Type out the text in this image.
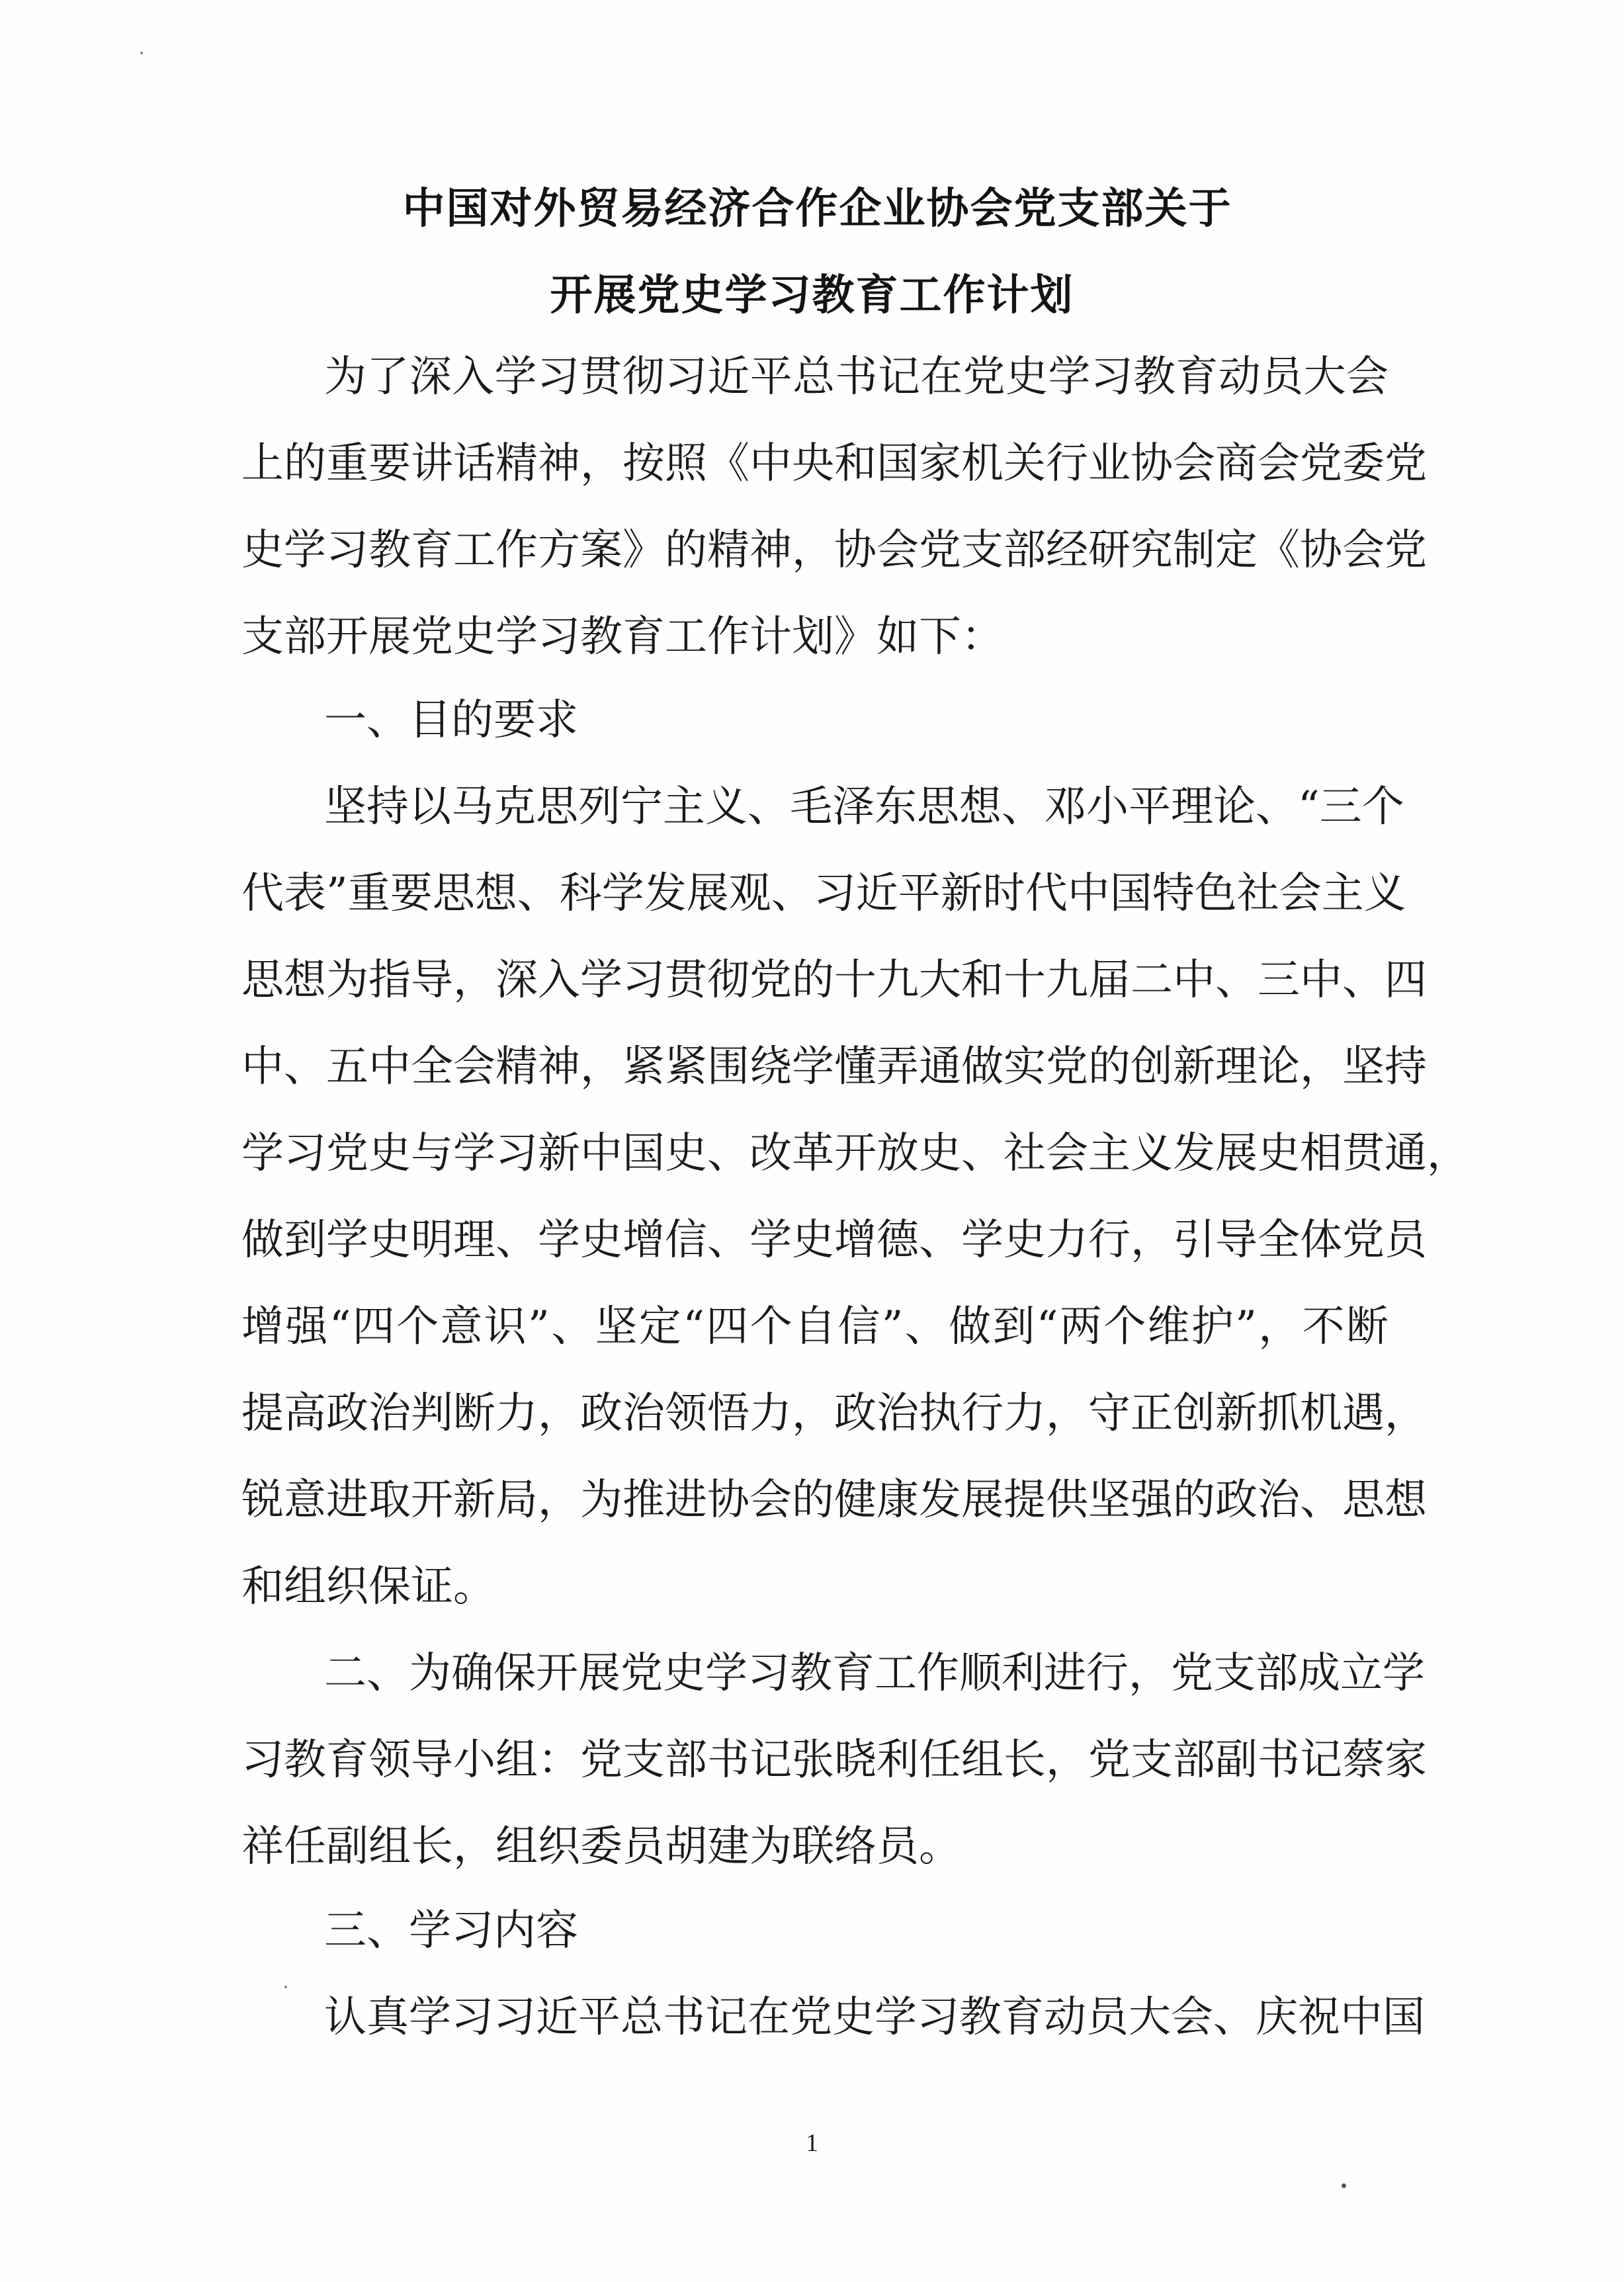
中国对外贸易经济合作企业协会党支部关于
开展党史学习教育工作计划
为了深入学习贯彻习近平总书记在党史学习教育动员大会
上的重要讲话精神，按照《中央和国家机关行业协会商会党委党
史学习教育工作方案》的精神，协会党支部经研究制定《协会党
支部开展党史学习教育工作计划》如下：
一、目的要求
坚持以马克思列宁主义、毛泽东思想、邓小平理论、“三个
代表”重要思想、科学发展观、习近平新时代中国特色社会主义
思想为指导，深入学习贯彻党的十九大和十九届二中、三中、四
中、五中全会精神，紧紧围绕学懂弄通做实党的创新理论，坚持
学习党史与学习新中国史、改革开放史、社会主义发展史相贯通，
做到学史明理、学史增信、学史增德、学史力行，引导全体党员
增强“四个意识”、坚定“四个自信”、做到“两个维护”，不断
提高政治判断力，政治领悟力，政治执行力，守正创新抓机遇，
锐意进取开新局，为推进协会的健康发展提供坚强的政治、思想
和组织保证。
二、为确保开展党史学习教育工作顺利进行，党支部成立学
习教育领导小组：党支部书记张晓利任组长，党支部副书记蔡家
祥任副组长，组织委员胡建为联络员。
三、学习内容
认真学习习近平总书记在党史学习教育动员大会、庆祝中国
1
